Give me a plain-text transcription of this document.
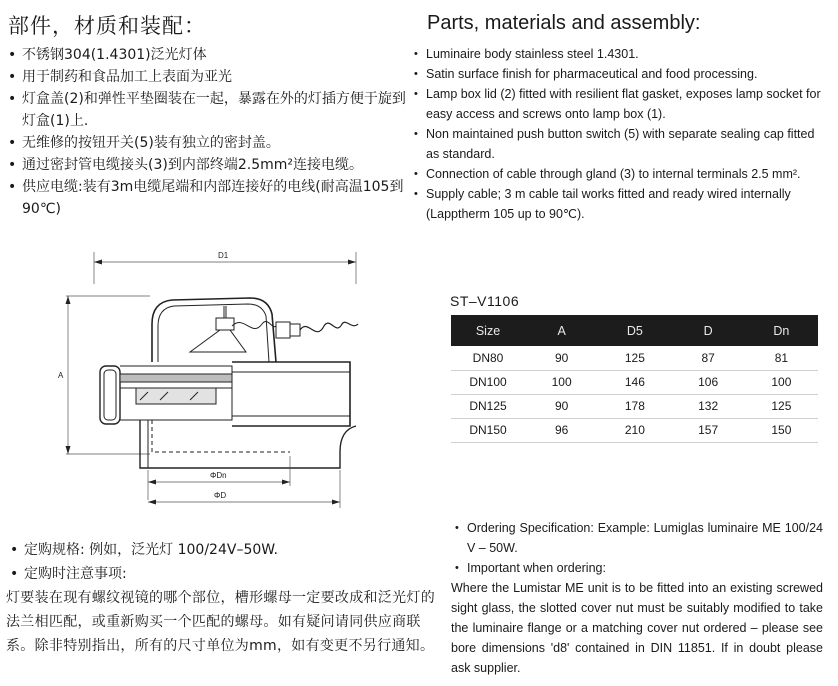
部件，材质和装配：	Parts, materials and assembly:
• 不锈钢304(1.4301)泛光灯体
• 用于制药和食品加工上表面为亚光
• 灯盒盖(2)和弹性平垫圈装在一起，暴露在外的灯插方便于旋到灯盒(1)上.
• 无维修的按钮开关(5)装有独立的密封盖。
• 通过密封管电缆接头(3)到内部终端2.5mm²连接电缆。
• 供应电缆:装有3m电缆尾端和内部连接好的电线(耐高温105到90℃)
• Luminaire body stainless steel 1.4301.
• Satin surface finish for pharmaceutical and food processing.
• Lamp box lid (2) fitted with resilient flat gasket, exposes lamp socket for easy access and screws onto lamp box (1).
• Non maintained push button switch (5) with separate sealing cap fitted as standard.
• Connection of cable through gland (3) to internal terminals 2.5 mm².
• Supply cable; 3 m cable tail works fitted and ready wired internally (Lapptherm 105 up to 90℃).
D1
A
ΦDn
ΦD
ST–V1106
Size	A	D5	D	Dn
DN80	90	125	87	81
DN100	100	146	106	100
DN125	90	178	132	125
DN150	96	210	157	150
• 定购规格: 例如，泛光灯 100/24V–50W.
• 定购时注意事项:
灯要装在现有螺纹视镜的哪个部位，槽形螺母一定要改成和泛光灯的法兰相匹配，或重新购买一个匹配的螺母。如有疑问请同供应商联系。除非特别指出，所有的尺寸单位为mm，如有变更不另行通知。
• Ordering Specification: Example: Lumiglas luminaire ME 100/24 V – 50W.
• Important when ordering:
Where the Lumistar ME unit is to be fitted into an existing screwed sight glass, the slotted cover nut must be suitably modified to take the luminaire flange or a matching cover nut ordered – please see bore dimensions 'd8' contained in DIN 11851. If in doubt please ask supplier.
